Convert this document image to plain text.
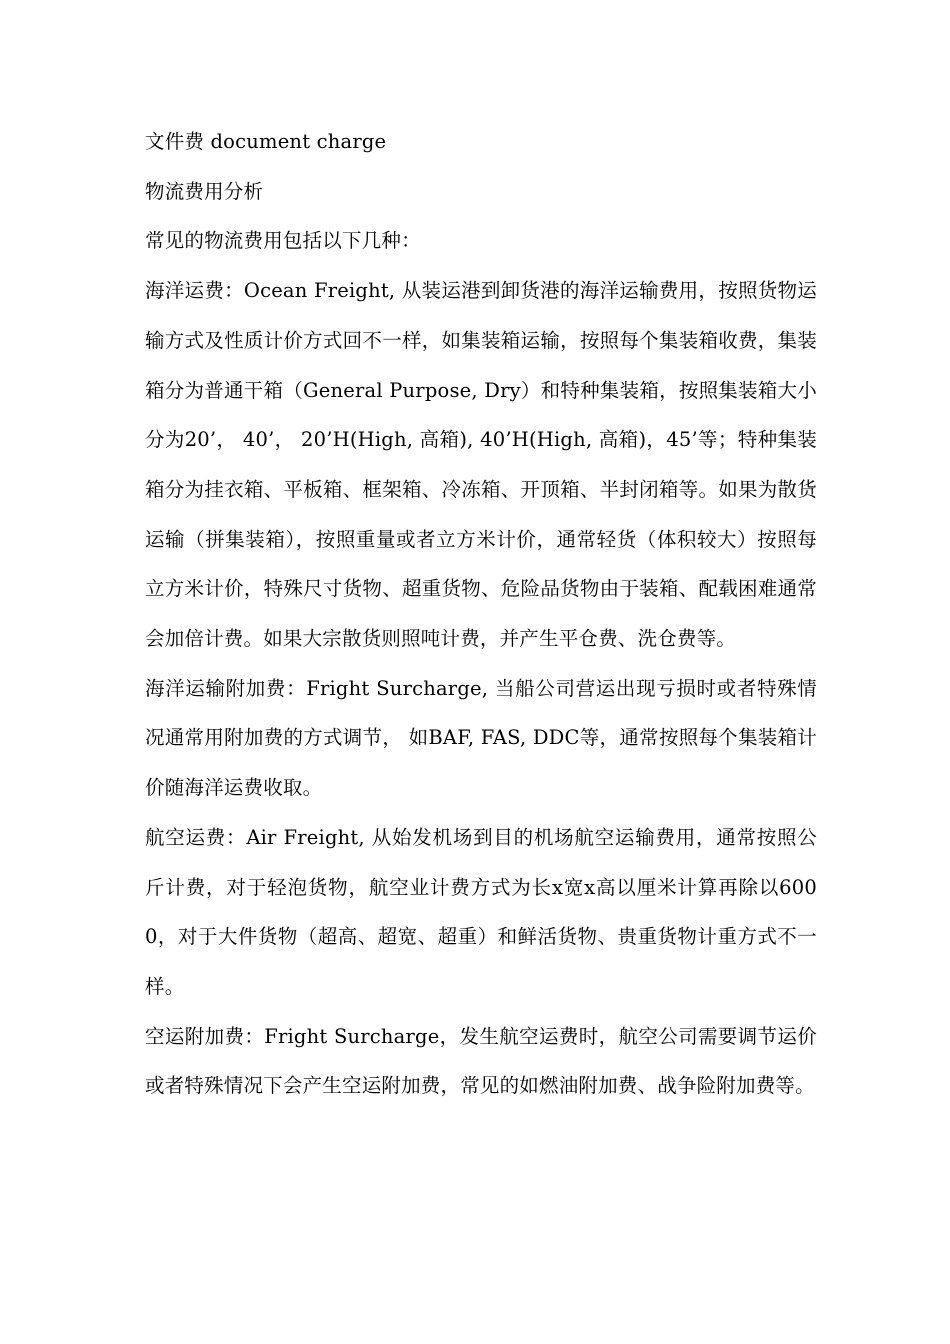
文件费 document charge

物流费用分析

常见的物流费用包括以下几种：

海洋运费：Ocean Freight, 从装运港到卸货港的海洋运输费用，按照货物运输方式及性质计价方式回不一样，如集装箱运输，按照每个集装箱收费，集装箱分为普通干箱（General Purpose, Dry）和特种集装箱，按照集装箱大小分为20’， 40’， 20’H(High, 高箱), 40’H(High, 高箱)，45’等；特种集装箱分为挂衣箱、平板箱、框架箱、冷冻箱、开顶箱、半封闭箱等。如果为散货运输（拼集装箱），按照重量或者立方米计价，通常轻货（体积较大）按照每立方米计价，特殊尺寸货物、超重货物、危险品货物由于装箱、配载困难通常会加倍计费。如果大宗散货则照吨计费，并产生平仓费、洗仓费等。

海洋运输附加费：Fright Surcharge, 当船公司营运出现亏损时或者特殊情况通常用附加费的方式调节， 如BAF, FAS, DDC等，通常按照每个集装箱计价随海洋运费收取。

航空运费：Air Freight, 从始发机场到目的机场航空运输费用，通常按照公斤计费，对于轻泡货物，航空业计费方式为长x宽x高以厘米计算再除以6000，对于大件货物（超高、超宽、超重）和鲜活货物、贵重货物计重方式不一样。

空运附加费：Fright Surcharge，发生航空运费时，航空公司需要调节运价或者特殊情况下会产生空运附加费，常见的如燃油附加费、战争险附加费等。
